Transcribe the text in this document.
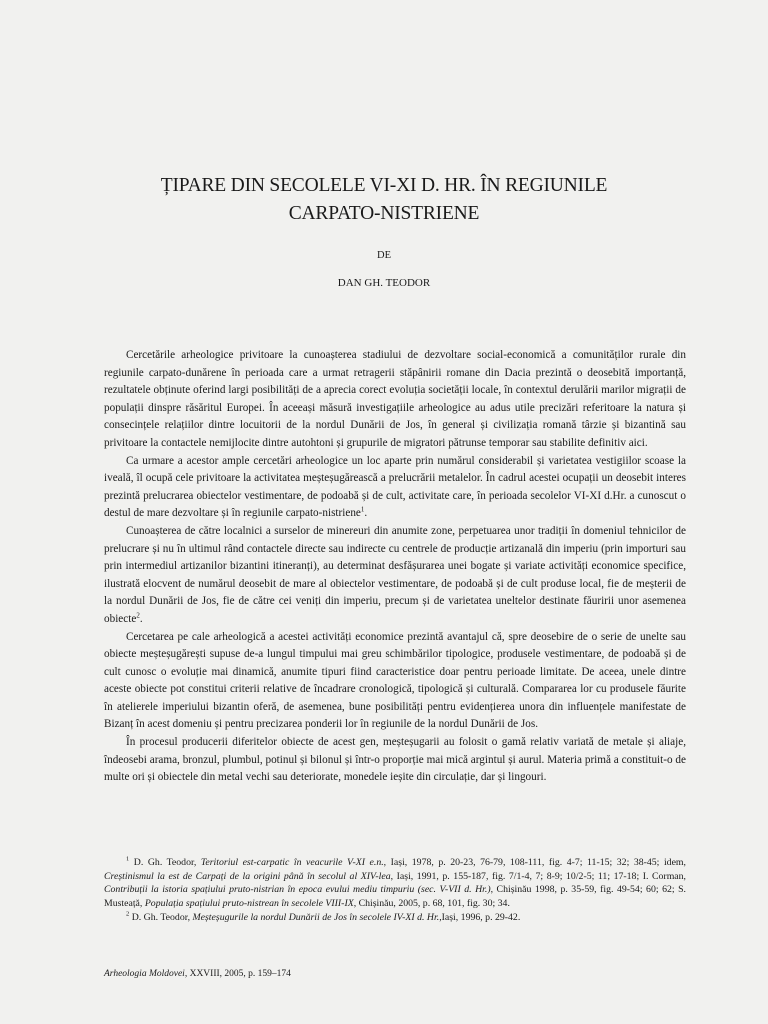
ȚIPARE DIN SECOLELE VI-XI D. HR. ÎN REGIUNILE
CARPATO-NISTRIENE
DE
DAN GH. TEODOR

Cercetările arheologice privitoare la cunoașterea stadiului de dezvoltare social-economică a comunităților rurale din regiunile carpato-dunărene în perioada care a urmat retragerii stăpânirii romane din Dacia prezintă o deosebită importanță, rezultatele obținute oferind largi posibilități de a aprecia corect evoluția societății locale, în contextul derulării marilor migrații de populații dinspre răsăritul Europei. În aceeași măsură investigațiile arheologice au adus utile precizări referitoare la natura și consecințele relațiilor dintre locuitorii de la nordul Dunării de Jos, în general și civilizația romană târzie și bizantină sau privitoare la contactele nemijlocite dintre autohtoni și grupurile de migratori pătrunse temporar sau stabilite definitiv aici.

Ca urmare a acestor ample cercetări arheologice un loc aparte prin numărul considerabil și varietatea vestigiilor scoase la iveală, îl ocupă cele privitoare la activitatea meșteșugărească a prelucrării metalelor. În cadrul acestei ocupații un deosebit interes prezintă prelucrarea obiectelor vestimentare, de podoabă și de cult, activitate care, în perioada secolelor VI-XI d.Hr. a cunoscut o destul de mare dezvoltare și în regiunile carpato-nistriene$^1$.

Cunoașterea de către localnici a surselor de minereuri din anumite zone, perpetuarea unor tradiții în domeniul tehnicilor de prelucrare și nu în ultimul rând contactele directe sau indirecte cu centrele de producție artizanală din imperiu (prin importuri sau prin intermediul artizanilor bizantini itineranți), au determinat desfășurarea unei bogate și variate activități economice specifice, ilustrată elocvent de numărul deosebit de mare al obiectelor vestimentare, de podoabă și de cult produse local, fie de meșterii de la nordul Dunării de Jos, fie de către cei veniți din imperiu, precum și de varietatea uneltelor destinate făuririi unor asemenea obiecte$^2$.

Cercetarea pe cale arheologică a acestei activități economice prezintă avantajul că, spre deosebire de o serie de unelte sau obiecte meșteșugărești supuse de-a lungul timpului mai greu schimbărilor tipologice, produsele vestimentare, de podoabă și de cult cunosc o evoluție mai dinamică, anumite tipuri fiind caracteristice doar pentru perioade limitate. De aceea, unele dintre aceste obiecte pot constitui criterii relative de încadrare cronologică, tipologică și culturală. Compararea lor cu produsele făurite în atelierele imperiului bizantin oferă, de asemenea, bune posibilități pentru evidențierea unora din influențele manifestate de Bizanț în acest domeniu și pentru precizarea ponderii lor în regiunile de la nordul Dunării de Jos.

În procesul producerii diferitelor obiecte de acest gen, meșteșugarii au folosit o gamă relativ variată de metale și aliaje, îndeosebi arama, bronzul, plumbul, potinul și bilonul și într-o proporție mai mică argintul și aurul. Materia primă a constituit-o de multe ori și obiectele din metal vechi sau deteriorate, monedele ieșite din circulație, dar și lingouri.

$^1$ D. Gh. Teodor, Teritoriul est-carpatic în veacurile V-XI e.n., Iași, 1978, p. 20-23, 76-79, 108-111, fig. 4-7; 11-15; 32; 38-45; idem, Creștinismul la est de Carpați de la origini până în secolul al XIV-lea, Iași, 1991, p. 155-187, fig. 7/1-4, 7; 8-9; 10/2-5; 11; 17-18; I. Corman, Contribuții la istoria spațiului pruto-nistrian în epoca evului mediu timpuriu (sec. V-VII d. Hr.), Chișinău 1998, p. 35-59, fig. 49-54; 60; 62; S. Musteață, Populația spațiului pruto-nistrean în secolele VIII-IX, Chișinău, 2005, p. 68, 101, fig. 30; 34.

$^2$ D. Gh. Teodor, Meșteșugurile la nordul Dunării de Jos în secolele IV-XI d. Hr.,Iași, 1996, p. 29-42.

Arheologia Moldovei, XXVIII, 2005, p. 159–174
